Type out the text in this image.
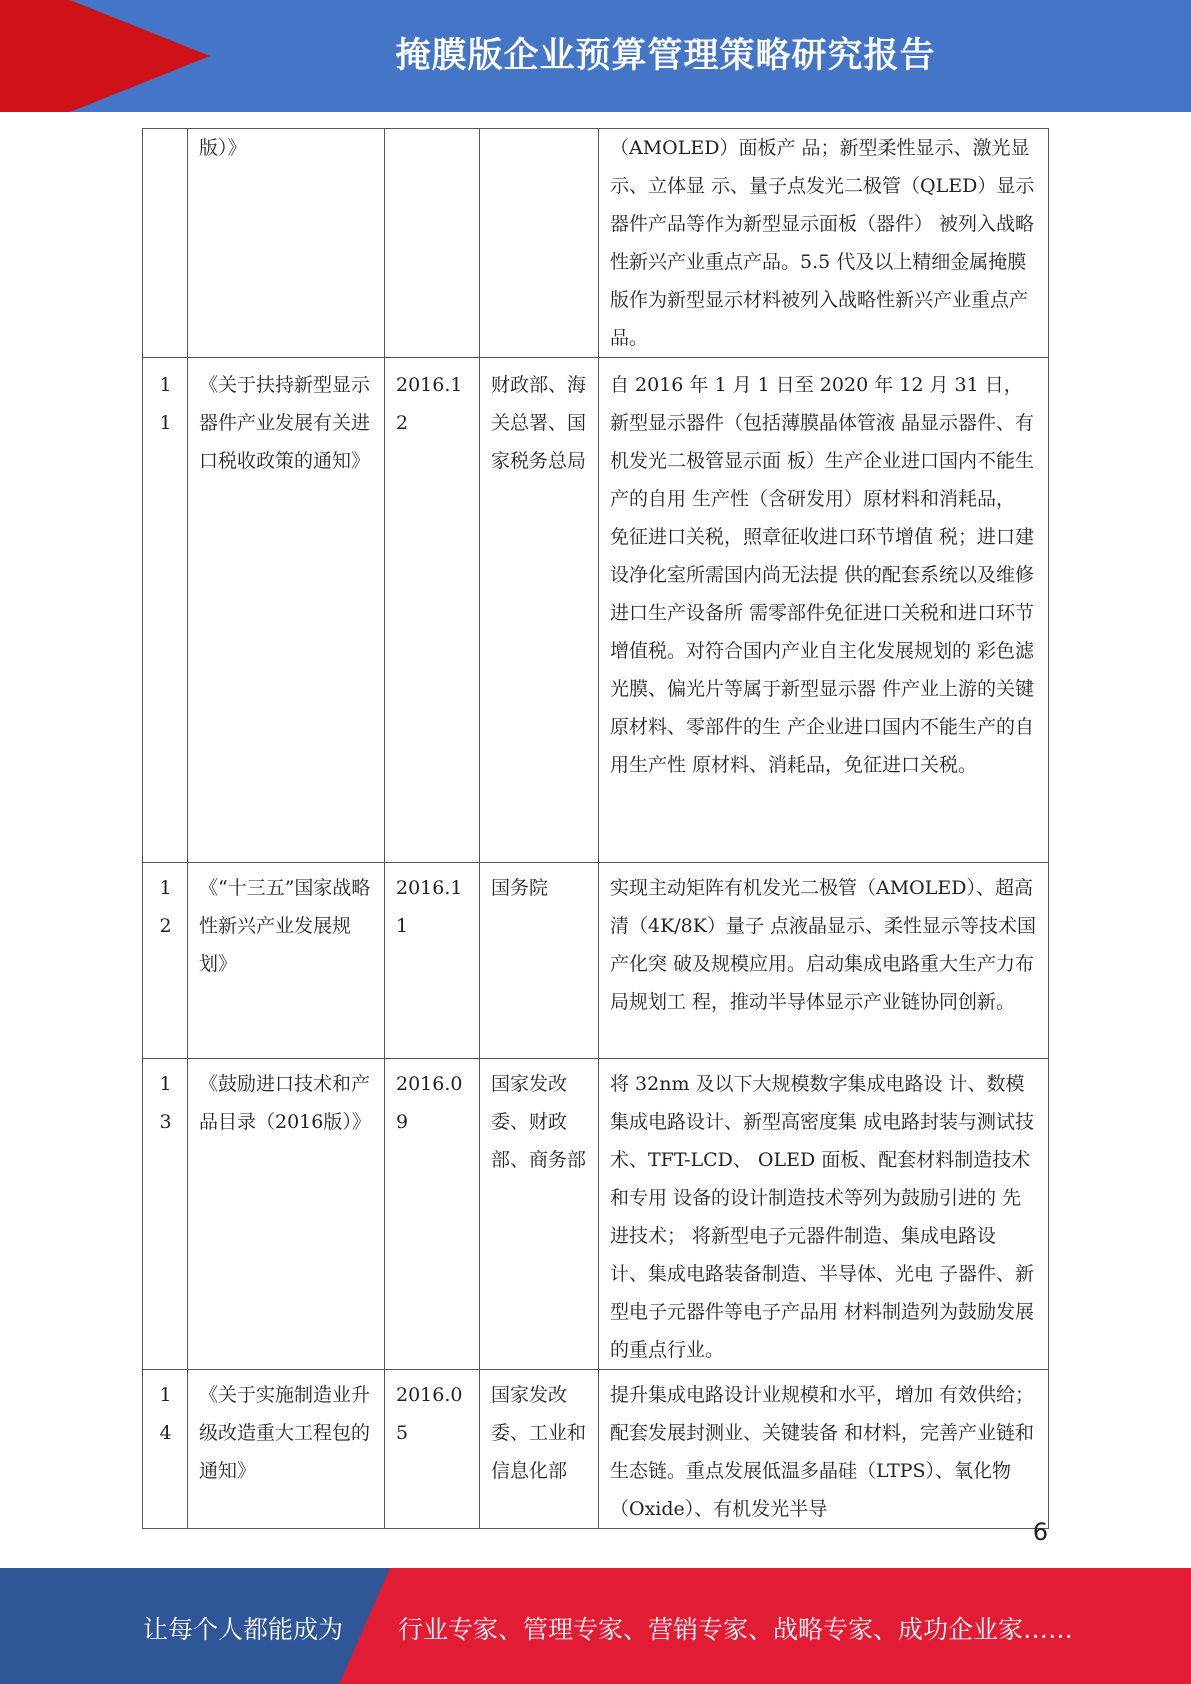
掩膜版企业预算管理策略研究报告
	版）》			（AMOLED）面板产 品；新型柔性显示、激光显示、立体显 示、量子点发光二极管（QLED）显示 器件产品等作为新型显示面板（器件） 被列入战略性新兴产业重点产品。5.5 代及以上精细金属掩膜版作为新型显示材料被列入战略性新兴产业重点产品。
11	《关于扶持新型显示器件产业发展有关进口税收政策的通知》	2016.12	财政部、海关总署、国家税务总局	自 2016 年 1 月 1 日至 2020 年 12 月 31 日，新型显示器件（包括薄膜晶体管液 晶显示器件、有机发光二极管显示面 板）生产企业进口国内不能生产的自用 生产性（含研发用）原材料和消耗品， 免征进口关税，照章征收进口环节增值 税；进口建设净化室所需国内尚无法提 供的配套系统以及维修进口生产设备所 需零部件免征进口关税和进口环节增值税。对符合国内产业自主化发展规划的 彩色滤光膜、偏光片等属于新型显示器 件产业上游的关键原材料、零部件的生 产企业进口国内不能生产的自用生产性 原材料、消耗品，免征进口关税。
12	《“十三五”国家战略性新兴产业发展规划》	2016.11	国务院	实现主动矩阵有机发光二极管（AMOLED）、超高清（4K/8K）量子 点液晶显示、柔性显示等技术国产化突 破及规模应用。启动集成电路重大生产力布局规划工 程，推动半导体显示产业链协同创新。
13	《鼓励进口技术和产品目录（2016版）》	2016.09	国家发改委、财政部、商务部	将 32nm 及以下大规模数字集成电路设 计、数模集成电路设计、新型高密度集 成电路封装与测试技术、TFT-LCD、 OLED 面板、配套材料制造技术和专用 设备的设计制造技术等列为鼓励引进的 先进技术； 将新型电子元器件制造、集成电路设 计、集成电路装备制造、半导体、光电 子器件、新型电子元器件等电子产品用 材料制造列为鼓励发展的重点行业。
14	《关于实施制造业升级改造重大工程包的通知》	2016.05	国家发改委、工业和信息化部	提升集成电路设计业规模和水平，增加 有效供给；配套发展封测业、关键装备 和材料，完善产业链和生态链。重点发展低温多晶硅（LTPS）、氧化物 （Oxide）、有机发光半导
6
让每个人都能成为 行业专家、管理专家、营销专家、战略专家、成功企业家……
